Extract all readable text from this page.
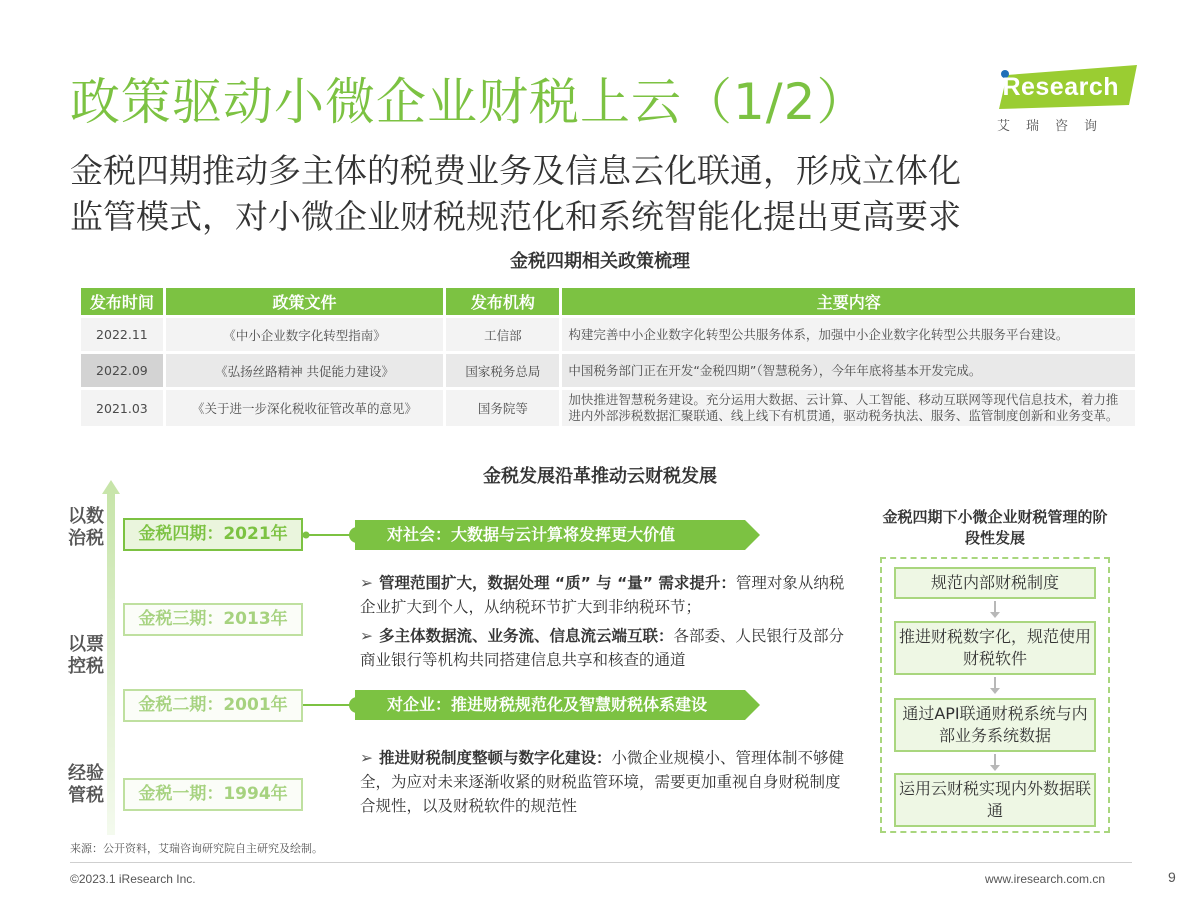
政策驱动小微企业财税上云（1/2）	iResearch
艾瑞咨询
金税四期推动多主体的税费业务及信息云化联通，形成立体化
监管模式，对小微企业财税规范化和系统智能化提出更高要求
金税四期相关政策梳理
发布时间	政策文件	发布机构	主要内容
2022.11	《中小企业数字化转型指南》	工信部	构建完善中小企业数字化转型公共服务体系，加强中小企业数字化转型公共服务平台建设。
2022.09	《弘扬丝路精神 共促能力建设》	国家税务总局	中国税务部门正在开发“金税四期”（智慧税务），今年年底将基本开发完成。
2021.03	《关于进一步深化税收征管改革的意见》	国务院等	加快推进智慧税务建设。充分运用大数据、云计算、人工智能、移动互联网等现代信息技术，着力推进内外部涉税数据汇聚联通、线上线下有机贯通，驱动税务执法、服务、监管制度创新和业务变革。
金税发展沿革推动云财税发展
以数治税
以票控税
经验管税
金税四期：2021年
金税三期：2013年
金税二期：2001年
金税一期：1994年
对社会：大数据与云计算将发挥更大价值
对企业：推进财税规范化及智慧财税体系建设
➢ 管理范围扩大，数据处理 “质” 与 “量” 需求提升：管理对象从纳税企业扩大到个人，从纳税环节扩大到非纳税环节；
➢ 多主体数据流、业务流、信息流云端互联：各部委、人民银行及部分商业银行等机构共同搭建信息共享和核查的通道
➢ 推进财税制度整顿与数字化建设：小微企业规模小、管理体制不够健全，为应对未来逐渐收紧的财税监管环境，需要更加重视自身财税制度合规性，以及财税软件的规范性
金税四期下小微企业财税管理的阶段性发展
规范内部财税制度
推进财税数字化，规范使用财税软件
通过API联通财税系统与内部业务系统数据
运用云财税实现内外数据联通
来源：公开资料，艾瑞咨询研究院自主研究及绘制。
©2023.1 iResearch Inc.	www.iresearch.com.cn	9
